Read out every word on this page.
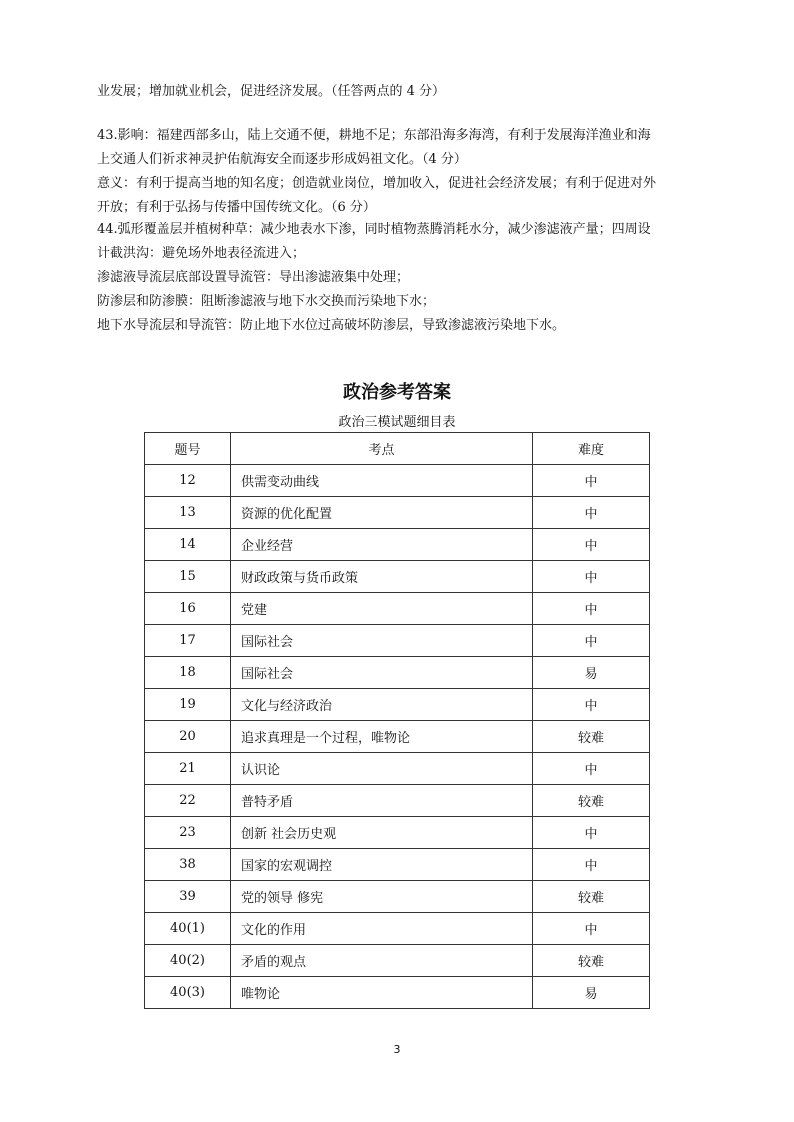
业发展；增加就业机会，促进经济发展。（任答两点的 4 分）

43.影响：福建西部多山，陆上交通不便，耕地不足；东部沿海多海湾，有利于发展海洋渔业和海

上交通人们祈求神灵护佑航海安全而逐步形成妈祖文化。（4 分）

意义：有利于提高当地的知名度；创造就业岗位，增加收入，促进社会经济发展；有利于促进对外

开放；有利于弘扬与传播中国传统文化。（6 分）

44.弧形覆盖层并植树种草：减少地表水下渗，同时植物蒸腾消耗水分，减少渗滤液产量；四周设

计截洪沟：避免场外地表径流进入；

渗滤液导流层底部设置导流管：导出渗滤液集中处理；

防渗层和防渗膜：阻断渗滤液与地下水交换而污染地下水；

地下水导流层和导流管：防止地下水位过高破坏防渗层，导致渗滤液污染地下水。

政治参考答案
政治三模试题细目表
题号	考点	难度
12	供需变动曲线	中
13	资源的优化配置	中
14	企业经营	中
15	财政政策与货币政策	中
16	党建	中
17	国际社会	中
18	国际社会	易
19	文化与经济政治	中
20	追求真理是一个过程，唯物论	较难
21	认识论	中
22	普特矛盾	较难
23	创新 社会历史观	中
38	国家的宏观调控	中
39	党的领导 修宪	较难
40(1)	文化的作用	中
40(2)	矛盾的观点	较难
40(3)	唯物论	易
3
